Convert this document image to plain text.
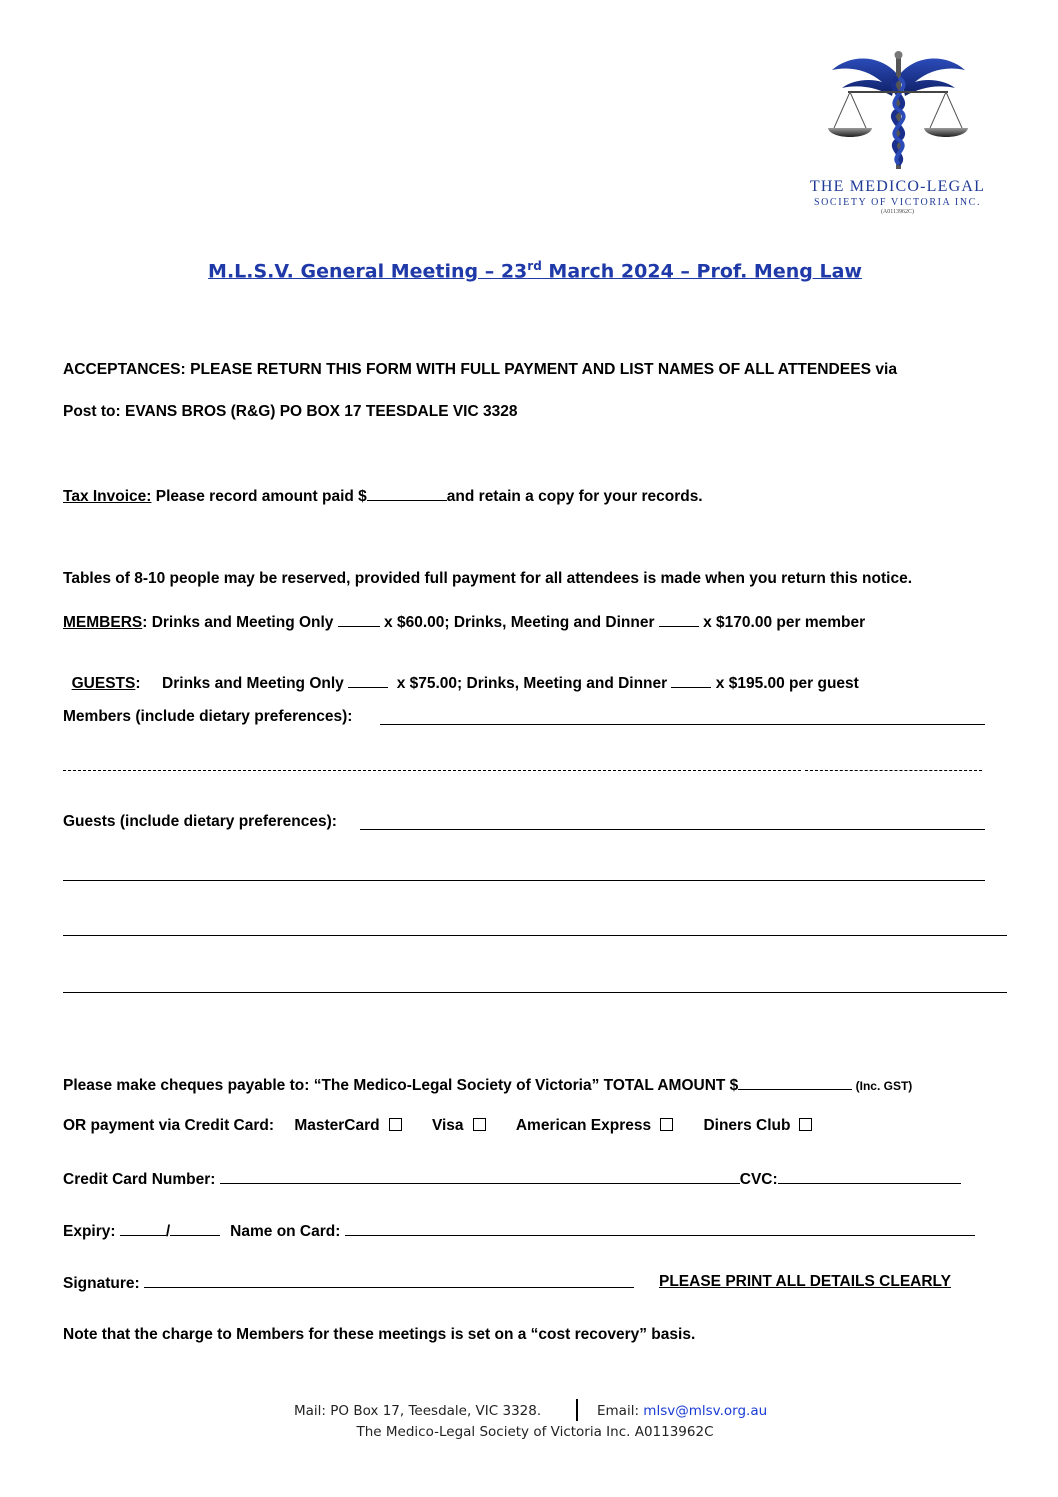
THE MEDICO-LEGAL
SOCIETY OF VICTORIA INC.
(A0113962C)
M.L.S.V. General Meeting – 23rd March 2024 – Prof. Meng Law
ACCEPTANCES: PLEASE RETURN THIS FORM WITH FULL PAYMENT AND LIST NAMES OF ALL ATTENDEES via
Post to: EVANS BROS (R&G) PO BOX 17 TEESDALE VIC 3328
Tax Invoice: Please record amount paid $	and retain a copy for your records.
Tables of 8-10 people may be reserved, provided full payment for all attendees is made when you return this notice.
MEMBERS: Drinks and Meeting Only	x $60.00; Drinks, Meeting and Dinner	x $170.00 per member

GUESTS:     Drinks and Meeting Only	x $75.00; Drinks, Meeting and Dinner	x $195.00 per guest

Members (include dietary preferences):
Guests (include dietary preferences):
Please make cheques payable to: “The Medico-Legal Society of Victoria” TOTAL AMOUNT $	(Inc. GST)
OR payment via Credit Card: MasterCard	Visa	American Express	Diners Club
Credit Card Number:	CVC:
Expiry:	/	Name on Card:
Signature:	PLEASE PRINT ALL DETAILS CLEARLY
Note that the charge to Members for these meetings is set on a “cost recovery” basis.
Mail: PO Box 17, Teesdale, VIC 3328.	Email: mlsv@mlsv.org.au
The Medico-Legal Society of Victoria Inc. A0113962C
